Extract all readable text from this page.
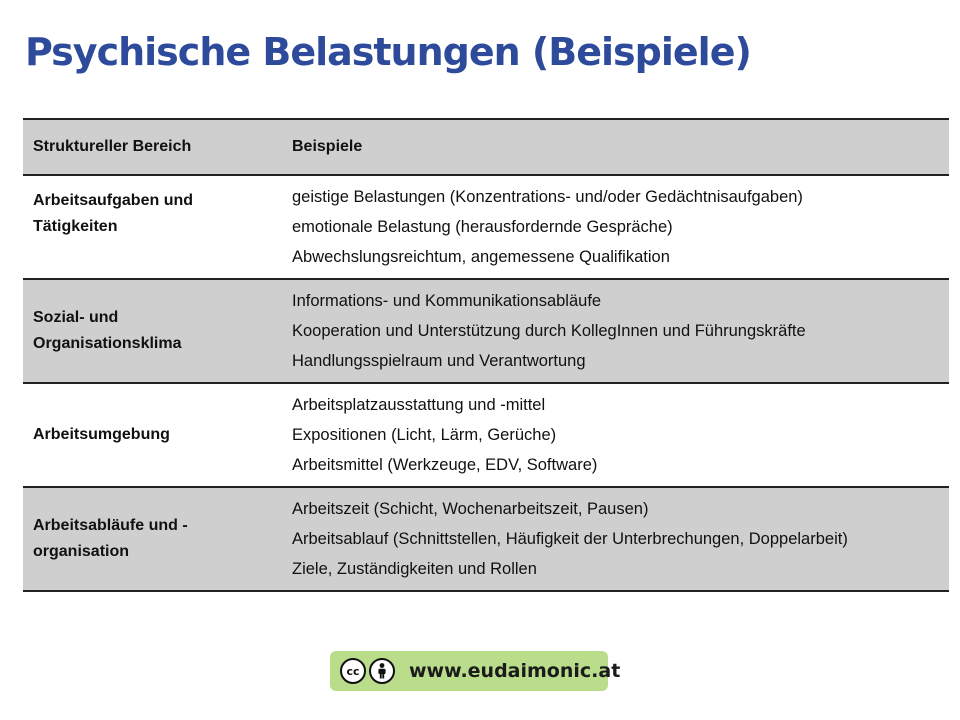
Psychische Belastungen (Beispiele)
Struktureller Bereich	Beispiele
Arbeitsaufgaben und
Tätigkeiten
geistige Belastungen (Konzentrations- und/oder Gedächtnisaufgaben)
emotionale Belastung (herausfordernde Gespräche)
Abwechslungsreichtum, angemessene Qualifikation
Sozial- und
Organisationsklima
Informations- und Kommunikationsabläufe
Kooperation und Unterstützung durch KollegInnen und Führungskräfte
Handlungsspielraum und Verantwortung
Arbeitsumgebung
Arbeitsplatzausstattung und -mittel
Expositionen (Licht, Lärm, Gerüche)
Arbeitsmittel (Werkzeuge, EDV, Software)
Arbeitsabläufe und -
organisation
Arbeitszeit (Schicht, Wochenarbeitszeit, Pausen)
Arbeitsablauf (Schnittstellen, Häufigkeit der Unterbrechungen, Doppelarbeit)
Ziele, Zuständigkeiten und Rollen
cc	www.eudaimonic.at
